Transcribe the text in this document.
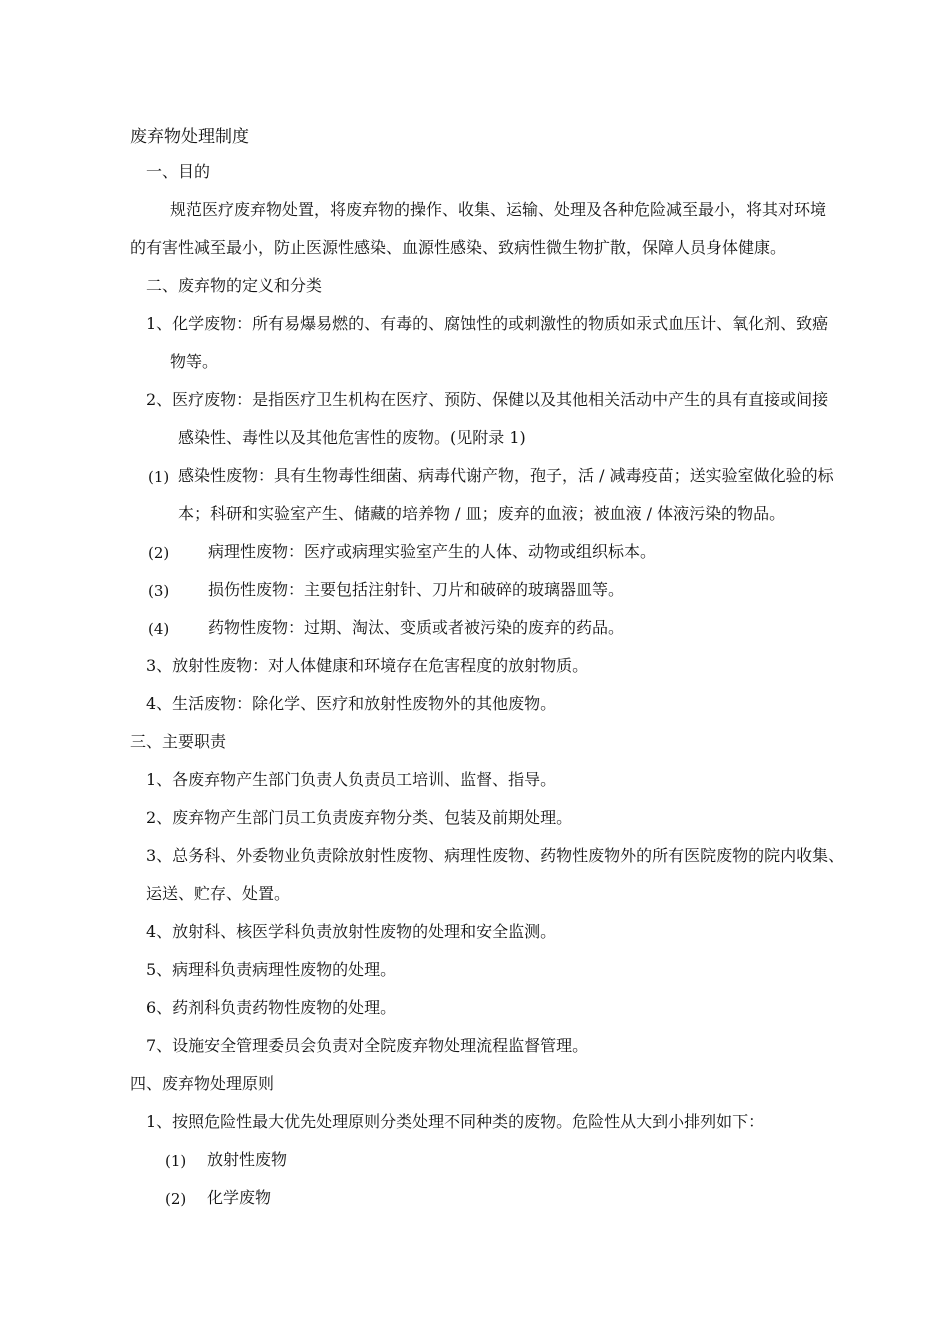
废弃物处理制度
一、目的
规范医疗废弃物处置，将废弃物的操作、收集、运输、处理及各种危险减至最小，将其对环境
的有害性减至最小，防止医源性感染、血源性感染、致病性微生物扩散，保障人员身体健康。
二、废弃物的定义和分类
1、化学废物：所有易爆易燃的、有毒的、腐蚀性的或刺激性的物质如汞式血压计、氧化剂、致癌
物等。
2、医疗废物：是指医疗卫生机构在医疗、预防、保健以及其他相关活动中产生的具有直接或间接
感染性、毒性以及其他危害性的废物。(见附录 1)
(1) 感染性废物：具有生物毒性细菌、病毒代谢产物，孢子，活 / 减毒疫苗；送实验室做化验的标
本；科研和实验室产生、储藏的培养物 / 皿；废弃的血液；被血液 / 体液污染的物品。
(2) 病理性废物：医疗或病理实验室产生的人体、动物或组织标本。
(3) 损伤性废物：主要包括注射针、刀片和破碎的玻璃器皿等。
(4) 药物性废物：过期、淘汰、变质或者被污染的废弃的药品。
3、放射性废物：对人体健康和环境存在危害程度的放射物质。
4、生活废物：除化学、医疗和放射性废物外的其他废物。
三、主要职责
1、各废弃物产生部门负责人负责员工培训、监督、指导。
2、废弃物产生部门员工负责废弃物分类、包装及前期处理。
3、总务科、外委物业负责除放射性废物、病理性废物、药物性废物外的所有医院废物的院内收集、
运送、贮存、处置。
4、放射科、核医学科负责放射性废物的处理和安全监测。
5、病理科负责病理性废物的处理。
6、药剂科负责药物性废物的处理。
7、设施安全管理委员会负责对全院废弃物处理流程监督管理。
四、废弃物处理原则
1、按照危险性最大优先处理原则分类处理不同种类的废物。危险性从大到小排列如下：
(1) 放射性废物
(2) 化学废物
